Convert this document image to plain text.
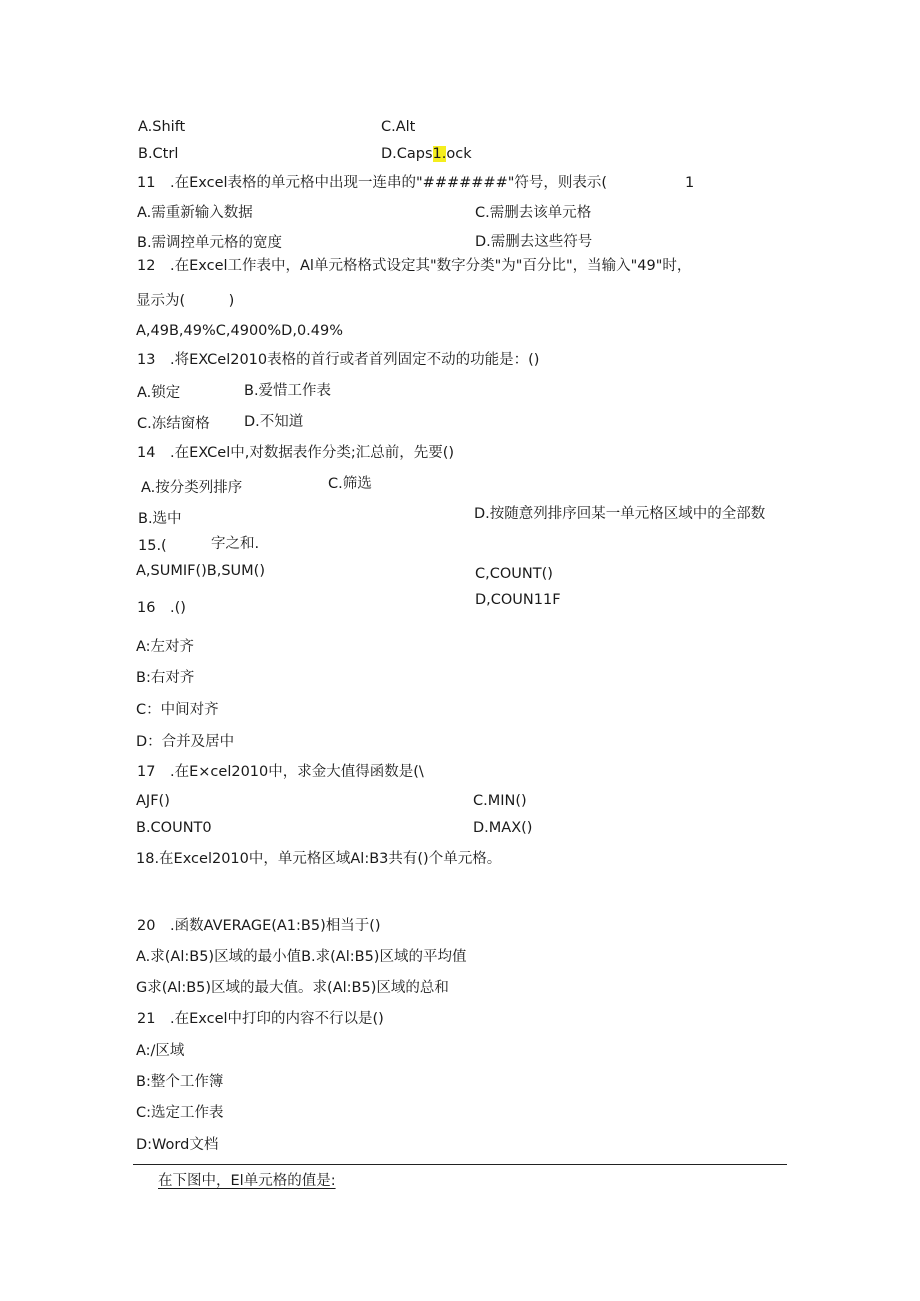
A.Shift	C.Alt
B.Ctrl	D.Caps1.ock
11 .在Excel表格的单元格中出现一连串的"#######"符号，则表示(	1
A.需重新输入数据	C.需删去该单元格
B.需调控单元格的宽度	D.需删去这些符号
12 .在Excel工作表中，Al单元格格式设定其"数字分类"为"百分比"，当输入"49"时，
显示为(　　　)
A,49B,49%C,4900%D,0.49%
13 .将EXCel2010表格的首行或者首列固定不动的功能是：()
A.锁定	B.爱惜工作表
C.冻结窗格 D.不知道
14 .在EXCel中,对数据表作分类;汇总前，先要()
A.按分类列排序	C.筛选
B.选中	D.按随意列排序回某一单元格区域中的全部数
15.(	字之和.
A,SUMIF()B,SUM()	C,COUNT()
D,COUN11F
16 .()
A:左对齐
B:右对齐
C：中间对齐
D：合并及居中
17 .在E×cel2010中，求金大值得函数是(\
AJF()	C.MIN()
B.COUNT0	D.MAX()
18.在Excel2010中，单元格区域Al:B3共有()个单元格。
20 .函数AVERAGE(A1:B5)相当于()
A.求(Al:B5)区域的最小值B.求(Al:B5)区域的平均值
G求(Al:B5)区域的最大值。求(Al:B5)区域的总和
21 .在Excel中打印的内容不行以是()
A:/区域
B:整个工作簿
C:选定工作表
D:Word文档
在下图中，El单元格的值是:
